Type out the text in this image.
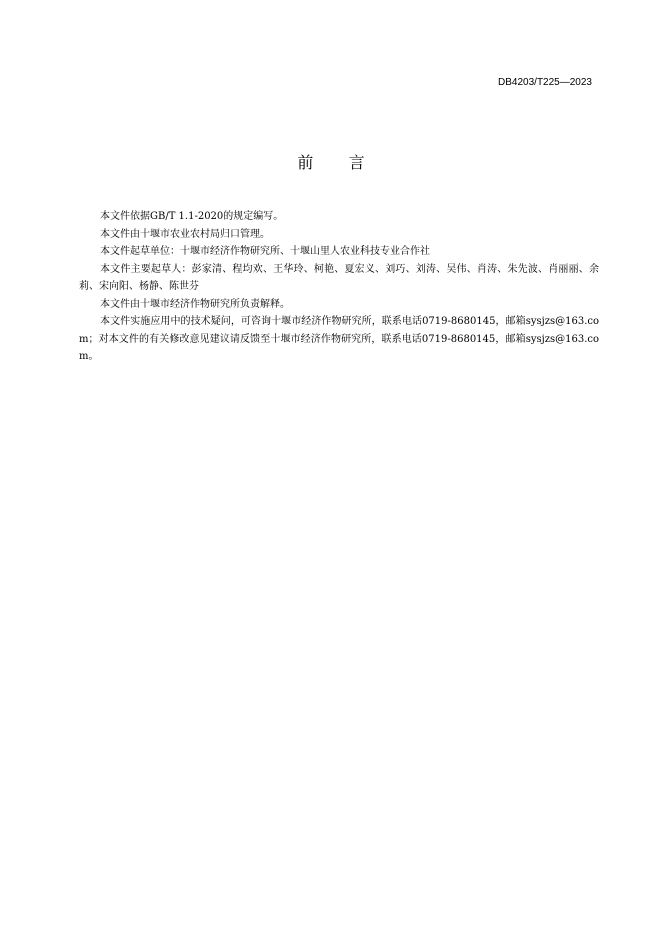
DB4203/T225—2023
前言

本文件依据GB/T 1.1-2020的规定编写。

本文件由十堰市农业农村局归口管理。

本文件起草单位：十堰市经济作物研究所、十堰山里人农业科技专业合作社

本文件主要起草人：彭家清、程均欢、王华玲、柯艳、夏宏义、刘巧、刘涛、吴伟、肖涛、朱先波、肖丽丽、余莉、宋向阳、杨静、陈世芬

本文件由十堰市经济作物研究所负责解释。

本文件实施应用中的技术疑问，可咨询十堰市经济作物研究所，联系电话0719-8680145，邮箱sysjzs@163.com；对本文件的有关修改意见建议请反馈至十堰市经济作物研究所，联系电话0719-8680145，邮箱sysjzs@163.com。
